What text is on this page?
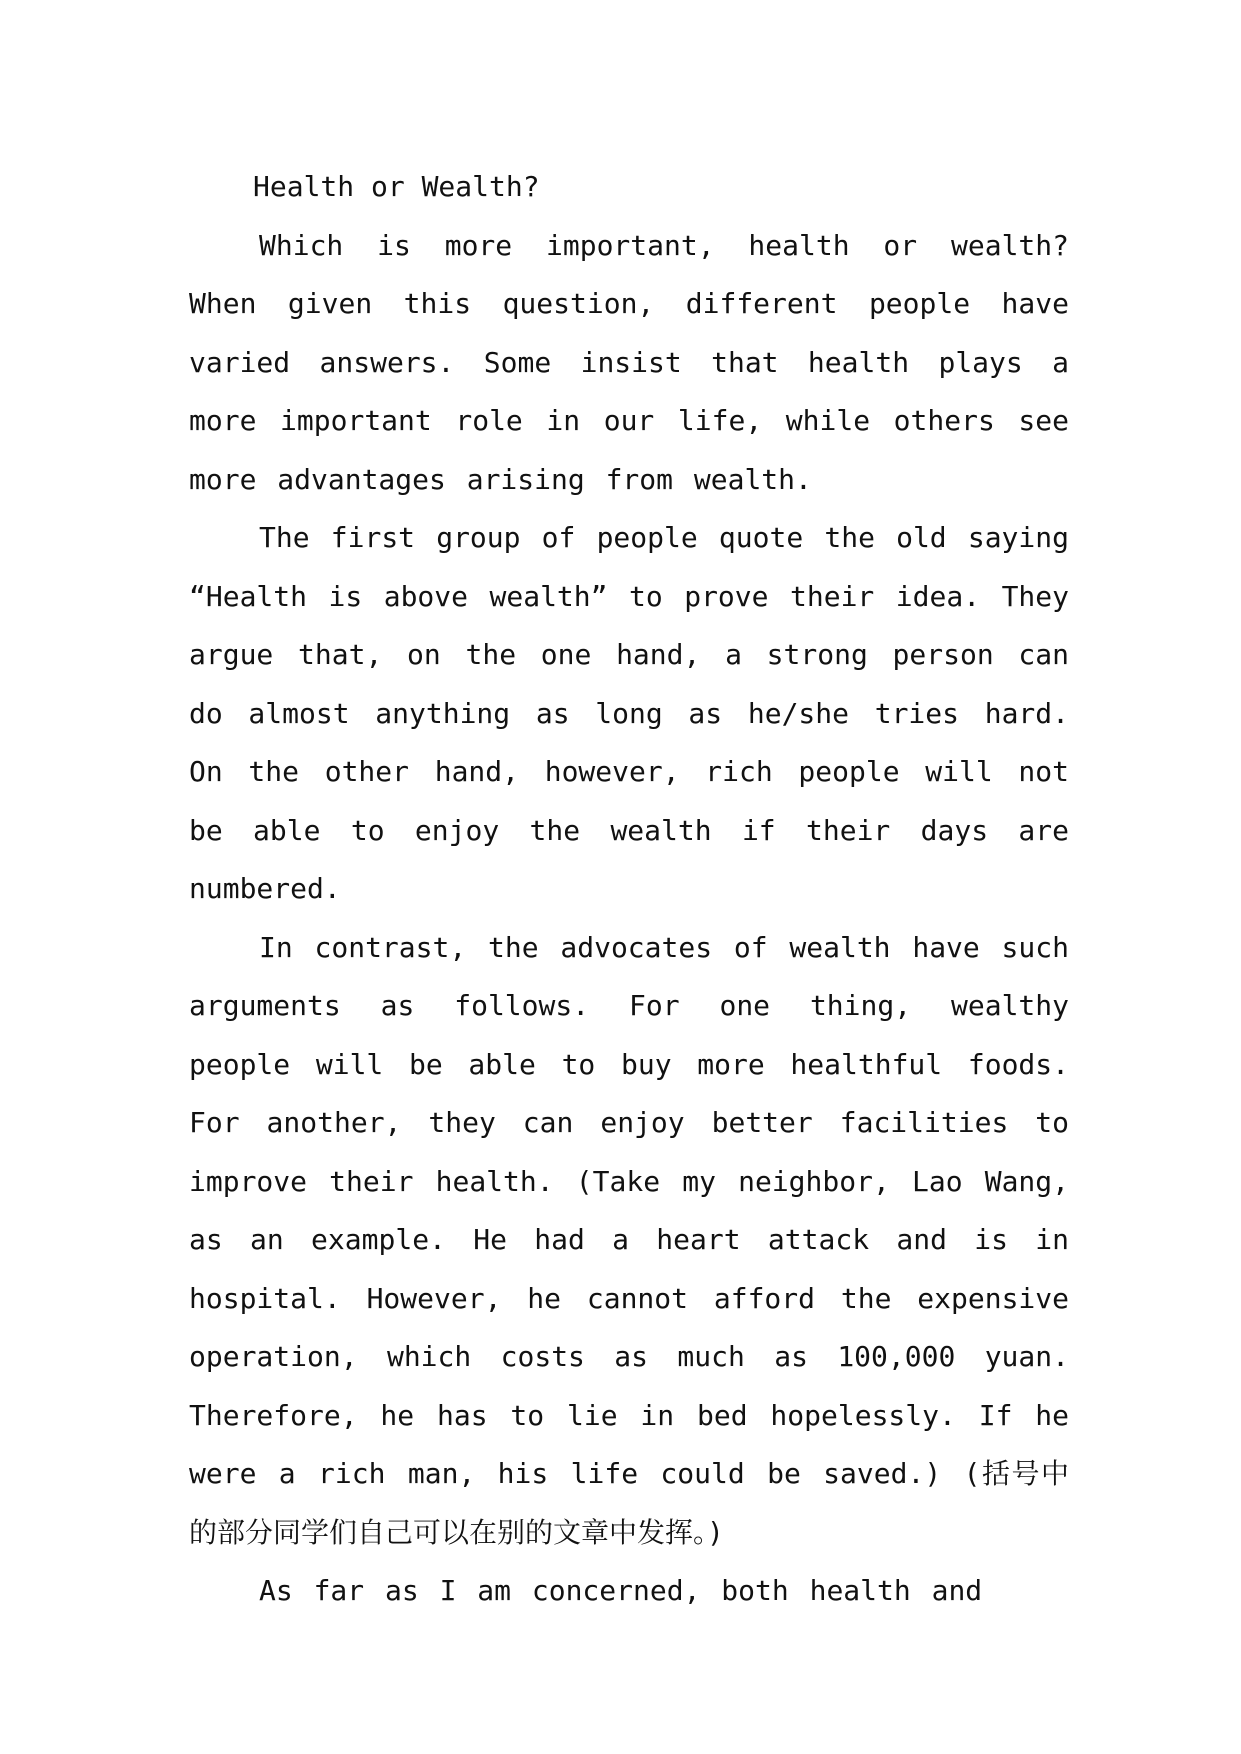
Health or Wealth?

Which is more important, health or wealth? When given this question, different people have varied answers. Some insist that health plays a more important role in our life, while others see more advantages arising from wealth.

The first group of people quote the old saying “Health is above wealth” to prove their idea. They argue that, on the one hand, a strong person can do almost anything as long as he/she tries hard. On the other hand, however, rich people will not be able to enjoy the wealth if their days are numbered.

In contrast, the advocates of wealth have such arguments as follows. For one thing, wealthy people will be able to buy more healthful foods. For another, they can enjoy better facilities to improve their health. (Take my neighbor, Lao Wang, as an example. He had a heart attack and is in hospital. However, he cannot afford the expensive operation, which costs as much as 100,000 yuan. Therefore, he has to lie in bed hopelessly. If he were a rich man, his life could be saved.) (括号中的部分同学们自己可以在别的文章中发挥。)

As far as I am concerned, both health and
